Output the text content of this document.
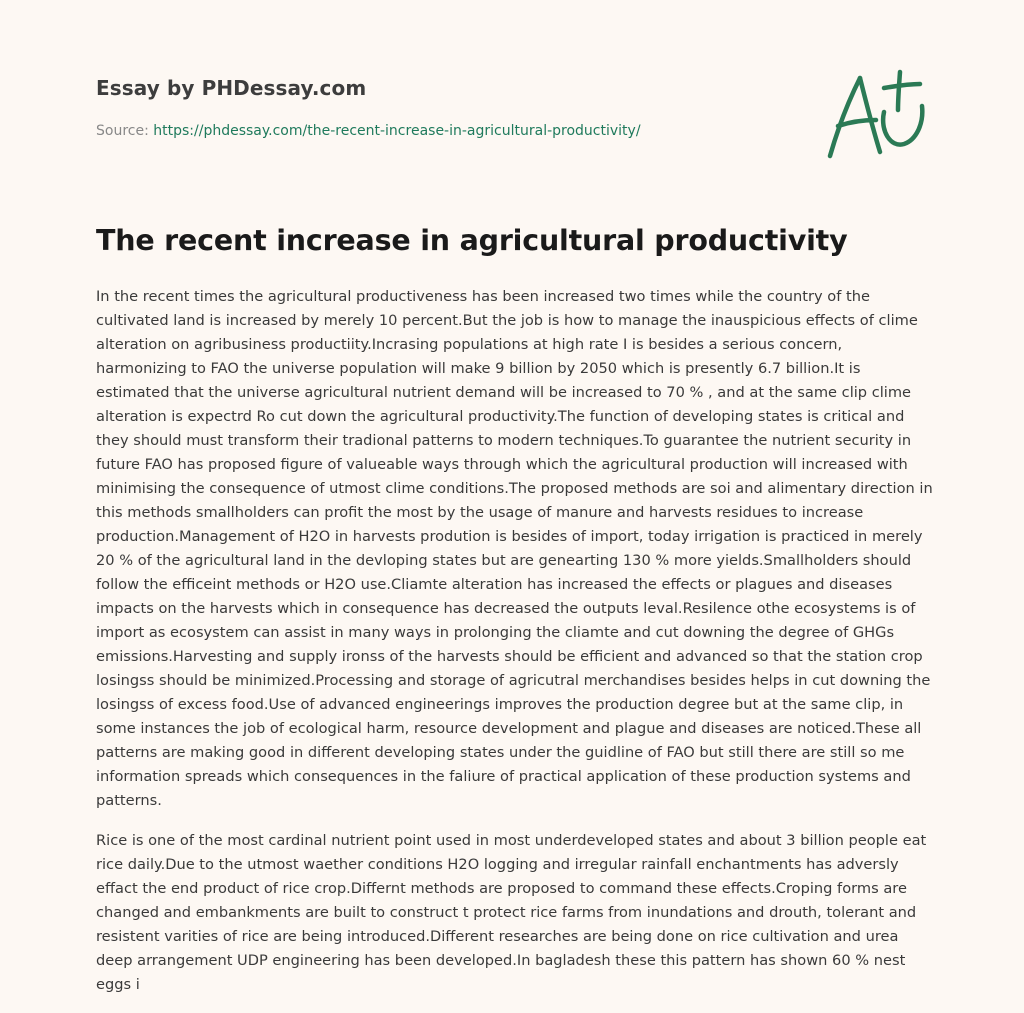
Essay by PHDessay.com
Source: https://phdessay.com/the-recent-increase-in-agricultural-productivity/
The recent increase in agricultural productivity

In the recent times the agricultural productiveness has been increased two times while the country of the cultivated land is increased by merely 10 percent.But the job is how to manage the inauspicious effects of clime alteration on agribusiness productiity.Incrasing populations at high rate I is besides a serious concern, harmonizing to FAO the universe population will make 9 billion by 2050 which is presently 6.7 billion.It is estimated that the universe agricultural nutrient demand will be increased to 70 % , and at the same clip clime alteration is expectrd Ro cut down the agricultural productivity.The function of developing states is critical and they should must transform their tradional patterns to modern techniques.To guarantee the nutrient security in future FAO has proposed figure of valueable ways through which the agricultural production will increased with minimising the consequence of utmost clime conditions.The proposed methods are soi and alimentary direction in this methods smallholders can profit the most by the usage of manure and harvests residues to increase production.Management of H2O in harvests prodution is besides of import, today irrigation is practiced in merely 20 % of the agricultural land in the devloping states but are genearting 130 % more yields.Smallholders should follow the efficeint methods or H2O use.Cliamte alteration has increased the effects or plagues and diseases impacts on the harvests which in consequence has decreased the outputs leval.Resilence othe ecosystems is of import as ecosystem can assist in many ways in prolonging the cliamte and cut downing the degree of GHGs emissions.Harvesting and supply ironss of the harvests should be efficient and advanced so that the station crop losingss should be minimized.Processing and storage of agricutral merchandises besides helps in cut downing the losingss of excess food.Use of advanced engineerings improves the production degree but at the same clip, in some instances the job of ecological harm, resource development and plague and diseases are noticed.These all patterns are making good in different developing states under the guidline of FAO but still there are still so me information spreads which consequences in the faliure of practical application of these production systems and patterns.

Rice is one of the most cardinal nutrient point used in most underdeveloped states and about 3 billion people eat rice daily.Due to the utmost waether conditions H2O logging and irregular rainfall enchantments has adversly effact the end product of rice crop.Differnt methods are proposed to command these effects.Croping forms are changed and embankments are built to construct t protect rice farms from inundations and drouth, tolerant and resistent varities of rice are being introduced.Different researches are being done on rice cultivation and urea deep arrangement UDP engineering has been developed.In bagladesh these this pattern has shown 60 % nest eggs i
